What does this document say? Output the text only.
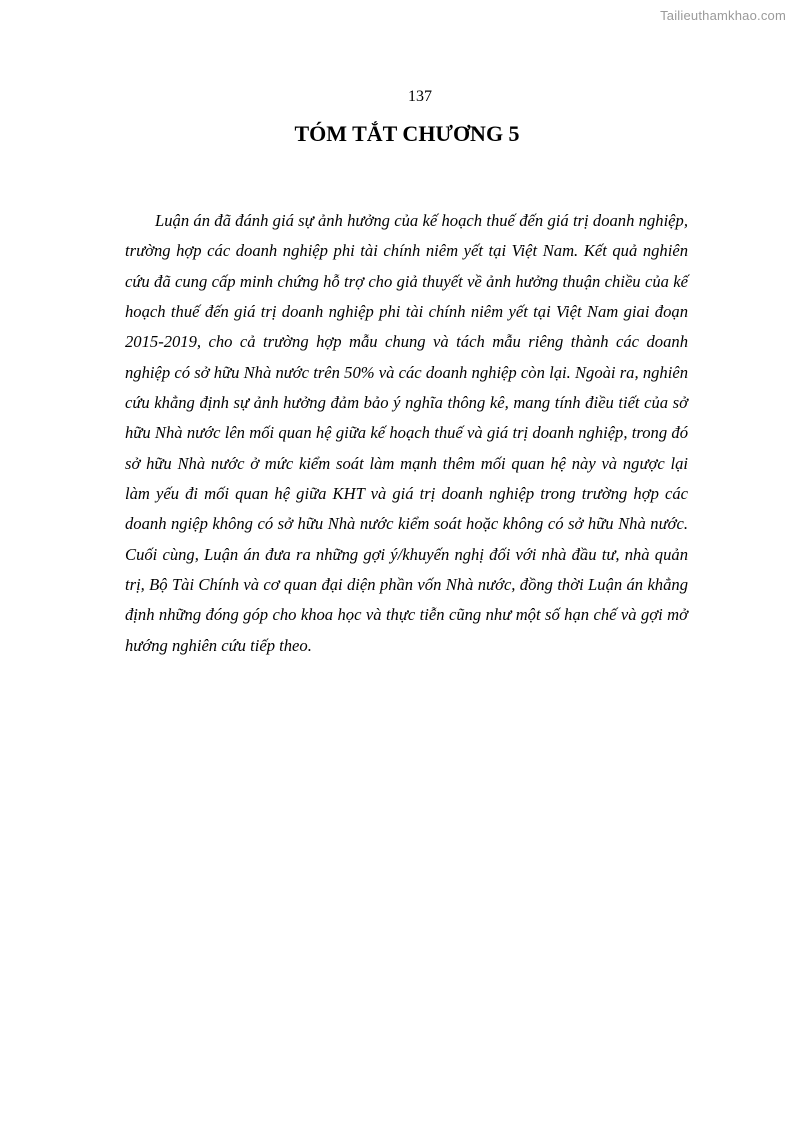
Tailieuthamkhao.com
137
TÓM TẮT CHƯƠNG 5

Luận án đã đánh giá sự ảnh hưởng của kế hoạch thuế đến giá trị doanh nghiệp, trường hợp các doanh nghiệp phi tài chính niêm yết tại Việt Nam. Kết quả nghiên cứu đã cung cấp minh chứng hỗ trợ cho giả thuyết về ảnh hưởng thuận chiều của kế hoạch thuế đến giá trị doanh nghiệp phi tài chính niêm yết tại Việt Nam giai đoạn 2015-2019, cho cả trường hợp mẫu chung và tách mẫu riêng thành các doanh nghiệp có sở hữu Nhà nước trên 50% và các doanh nghiệp còn lại. Ngoài ra, nghiên cứu khẳng định sự ảnh hưởng đảm bảo ý nghĩa thông kê, mang tính điều tiết của sở hữu Nhà nước lên mối quan hệ giữa kế hoạch thuế và giá trị doanh nghiệp, trong đó sở hữu Nhà nước ở mức kiểm soát làm mạnh thêm mối quan hệ này và ngược lại làm yếu đi mối quan hệ giữa KHT và giá trị doanh nghiệp trong trường hợp các doanh ngiệp không có sở hữu Nhà nước kiểm soát hoặc không có sở hữu Nhà nước. Cuối cùng, Luận án đưa ra những gợi ý/khuyến nghị đối với nhà đầu tư, nhà quản trị, Bộ Tài Chính và cơ quan đại diện phần vốn Nhà nước, đồng thời Luận án khẳng định những đóng góp cho khoa học và thực tiễn cũng như một số hạn chế và gợi mở hướng nghiên cứu tiếp theo.
